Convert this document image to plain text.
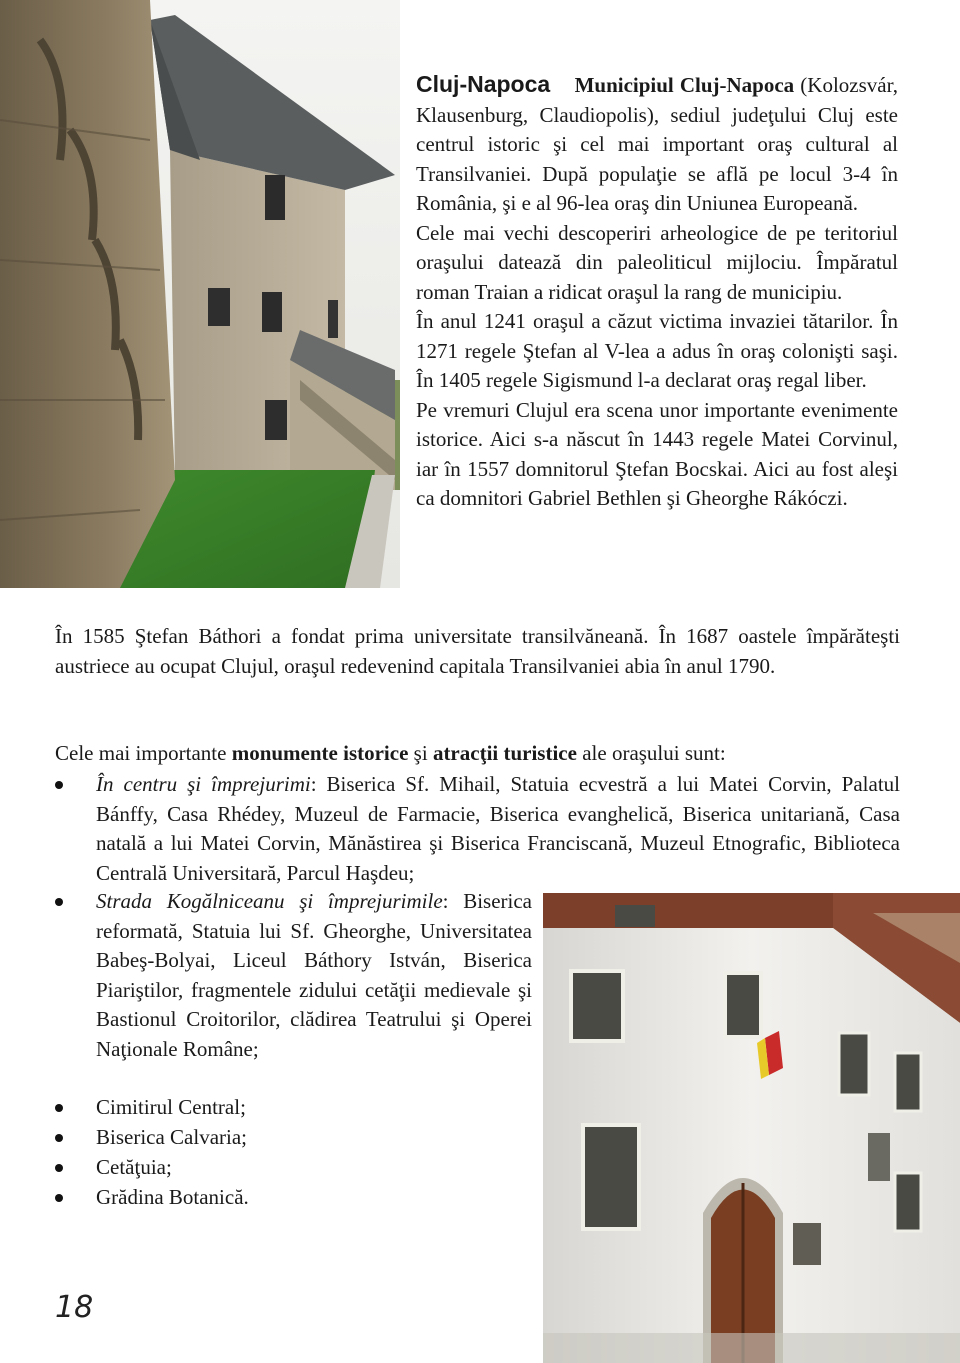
Cluj-Napoca Municipiul Cluj-Napoca (Kolozsvár, Klausenburg, Claudiopolis), sediul judeţului Cluj este centrul istoric şi cel mai important oraş cultural al Transilvaniei. După populaţie se află pe locul 3-4 în România, şi e al 96-lea oraş din Uniunea Europeană.

Cele mai vechi descoperiri arheologice de pe teritoriul oraşului datează din paleoliticul mijlociu. Împăratul roman Traian a ridicat oraşul la rang de municipiu.

În anul 1241 oraşul a căzut victima invaziei tătarilor. În 1271 regele Ştefan al V-lea a adus în oraş colonişti saşi. În 1405 regele Sigismund l-a declarat oraş regal liber.

Pe vremuri Clujul era scena unor importante evenimente istorice. Aici s-a născut în 1443 regele Matei Corvinul, iar în 1557 domnitorul Ştefan Bocskai. Aici au fost aleşi ca domnitori Gabriel Bethlen şi Gheorghe Rákóczi.

În 1585 Ştefan Báthori a fondat prima universitate transilvăneană. În 1687 oastele împărăteşti austriece au ocupat Clujul, oraşul redevenind capitala Transilvaniei abia în anul 1790.

Cele mai importante monumente istorice şi atracţii turistice ale oraşului sunt:

În centru şi împrejurimi: Biserica Sf. Mihail, Statuia ecvestră a lui Matei Corvin, Palatul Bánffy, Casa Rhédey, Muzeul de Farmacie, Biserica evanghelică, Biserica unitariană, Casa natală a lui Matei Corvin, Mănăstirea şi Biserica Franciscană, Muzeul Etnografic, Biblioteca Centrală Universitară, Parcul Haşdeu;
Strada Kogălniceanu şi împrejurimile: Biserica reformată, Statuia lui Sf. Gheorghe, Universitatea Babeş-Bolyai, Liceul Báthory István, Biserica Piariştilor, fragmentele zidului cetăţii medievale şi Bastionul Croitorilor, clădirea Teatrului şi Operei Naţionale Române;
Cimitirul Central;
Biserica Calvaria;
Cetăţuia;
Grădina Botanică.
18
